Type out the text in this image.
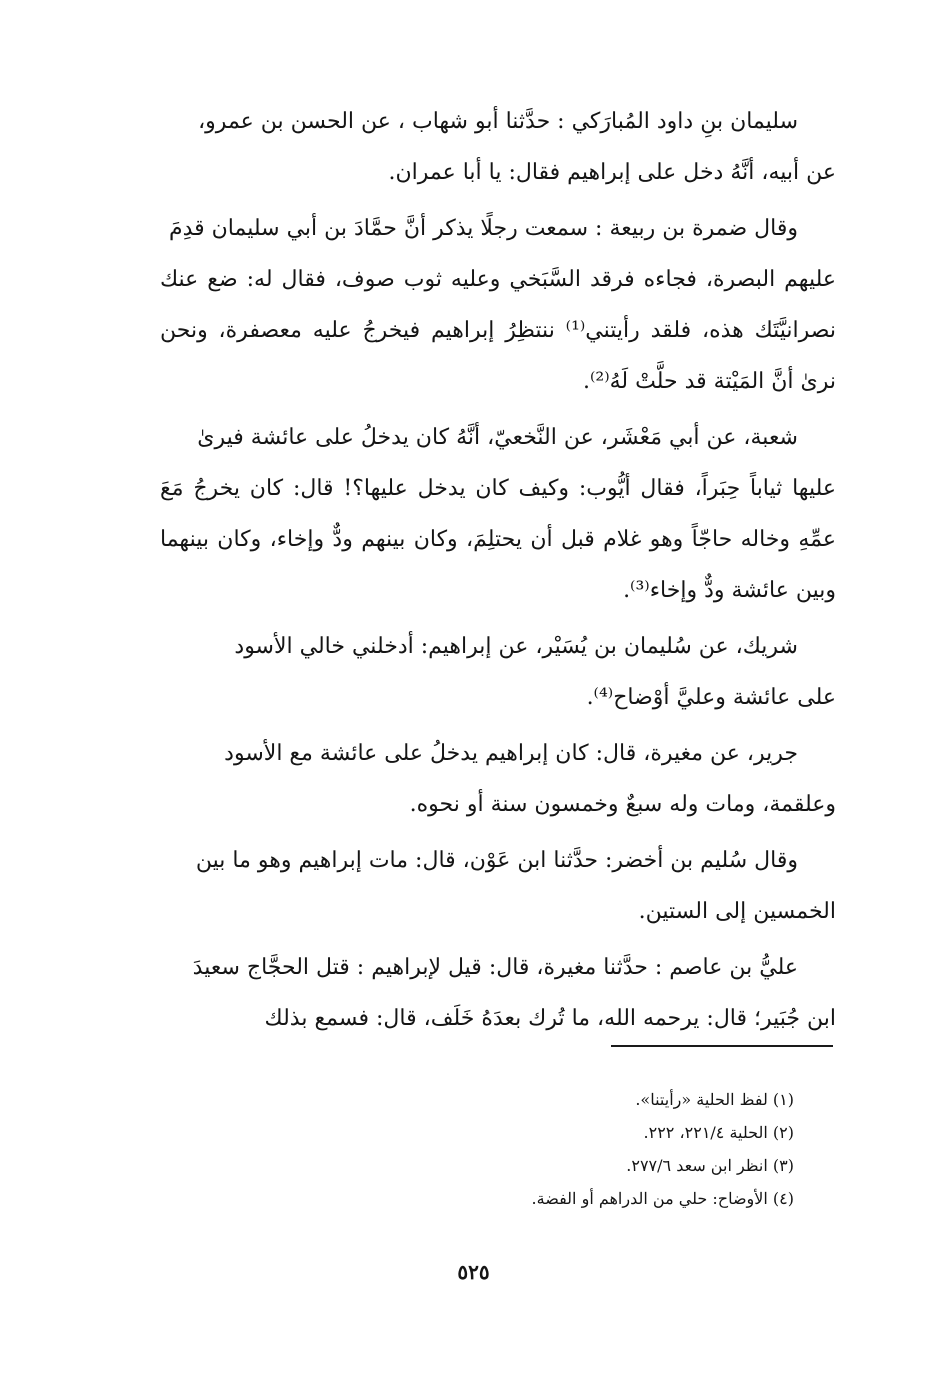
سليمان بنِ داود المُبارَكي : حدَّثنا أبو شهاب ، عن الحسن بن عمرو،
عن أبيه، أنَّهُ دخل على إبراهيم فقال: يا أبا عمران.

وقال ضمرة بن ربيعة : سمعت رجلًا يذكر أنَّ حمَّادَ بن أبي سليمان قدِمَ
عليهم البصرة، فجاءه فرقد السَّبَخي وعليه ثوب صوف، فقال له: ضع عنك نصرانيَّتَك هذه، فلقد رأيتني⁽¹⁾ ننتظِرُ إبراهيم فيخرجُ عليه معصفرة، ونحن نرىٰ أنَّ المَيْتة قد حلَّتْ لَهُ⁽²⁾.

شعبة، عن أبي مَعْشَر، عن النَّخعيّ، أنَّهُ كان يدخلُ على عائشة فيرىٰ
عليها ثياباً حِبَراً، فقال أيُّوب: وكيف كان يدخل عليها؟! قال: كان يخرجُ مَعَ عمِّهِ وخاله حاجّاً وهو غلام قبل أن يحتلِمَ، وكان بينهم ودٌّ وإخاء، وكان بينهما وبين عائشة ودٌّ وإخاء⁽³⁾.

شريك، عن سُليمان بن يُسَيْر، عن إبراهيم: أدخلني خالي الأسود
على عائشة وعليَّ أوْضاح⁽⁴⁾.

جرير، عن مغيرة، قال: كان إبراهيم يدخلُ على عائشة مع الأسود
وعلقمة، ومات وله سبعٌ وخمسون سنة أو نحوه.

وقال سُليم بن أخضر: حدَّثنا ابن عَوْن، قال: مات إبراهيم وهو ما بين
الخمسين إلى الستين.

عليُّ بن عاصم : حدَّثنا مغيرة، قال: قيل لإبراهيم : قتل الحجَّاج سعيدَ
ابن جُبَير؛ قال: يرحمه الله، ما تُرك بعدَهُ خَلَف، قال: فسمع بذلك

(١) لفظ الحلية «رأيتنا».

(٢) الحلية ٢٢١/٤، ٢٢٢.

(٣) انظر ابن سعد ٢٧٧/٦.

(٤) الأوضاح: حلي من الدراهم أو الفضة.

٥٢٥
